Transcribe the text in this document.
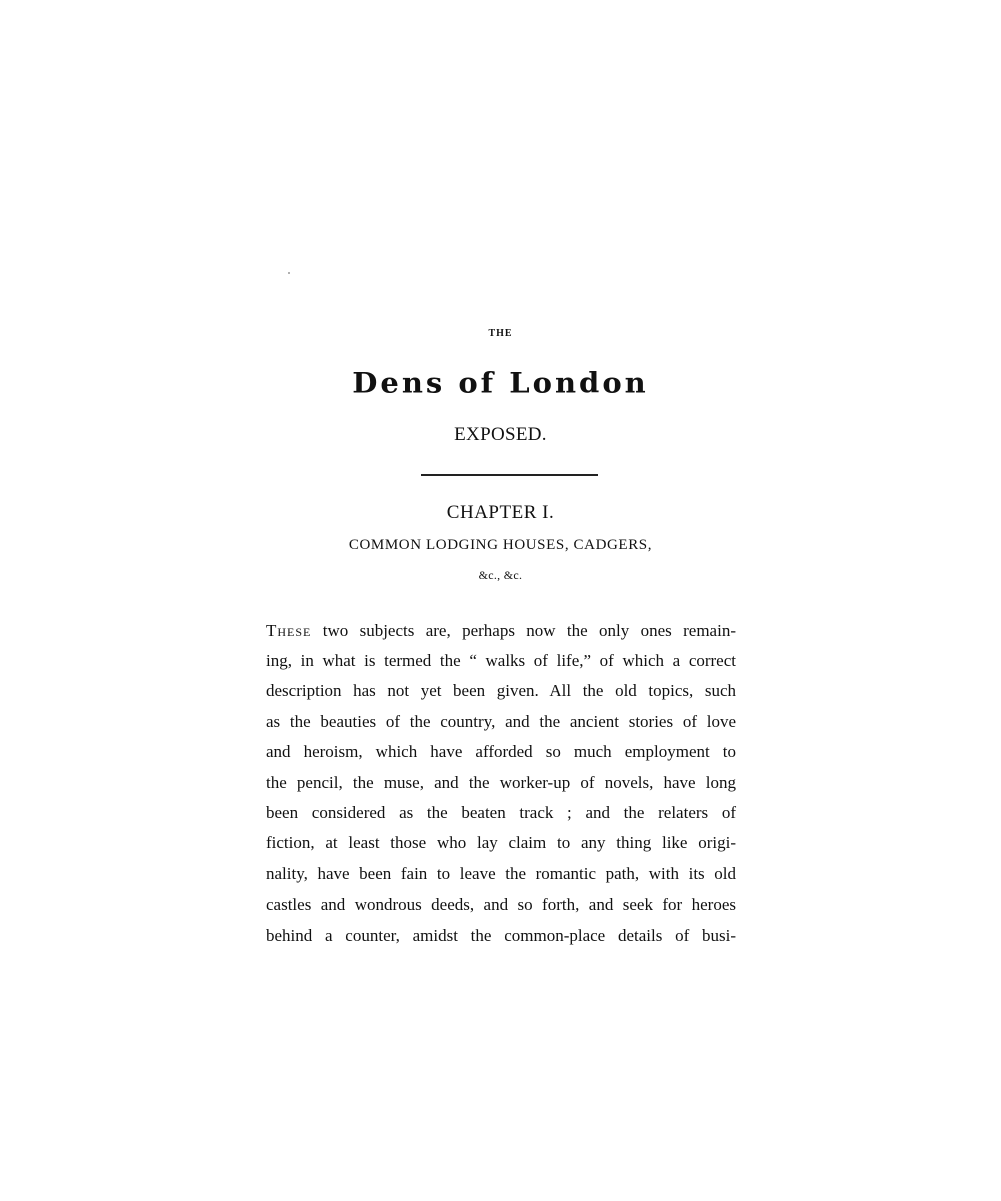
THE
Dens of London
EXPOSED.
CHAPTER I.
COMMON LODGING HOUSES, CADGERS,
&c., &c.
These two subjects are, perhaps now the only ones remain-
ing, in what is termed the “ walks of life,” of which a correct
description has not yet been given. All the old topics, such
as the beauties of the country, and the ancient stories of love
and heroism, which have afforded so much employment to
the pencil, the muse, and the worker-up of novels, have long
been considered as the beaten track ; and the relaters of
fiction, at least those who lay claim to any thing like origi-
nality, have been fain to leave the romantic path, with its old
castles and wondrous deeds, and so forth, and seek for heroes
behind a counter, amidst the common-place details of busi-
